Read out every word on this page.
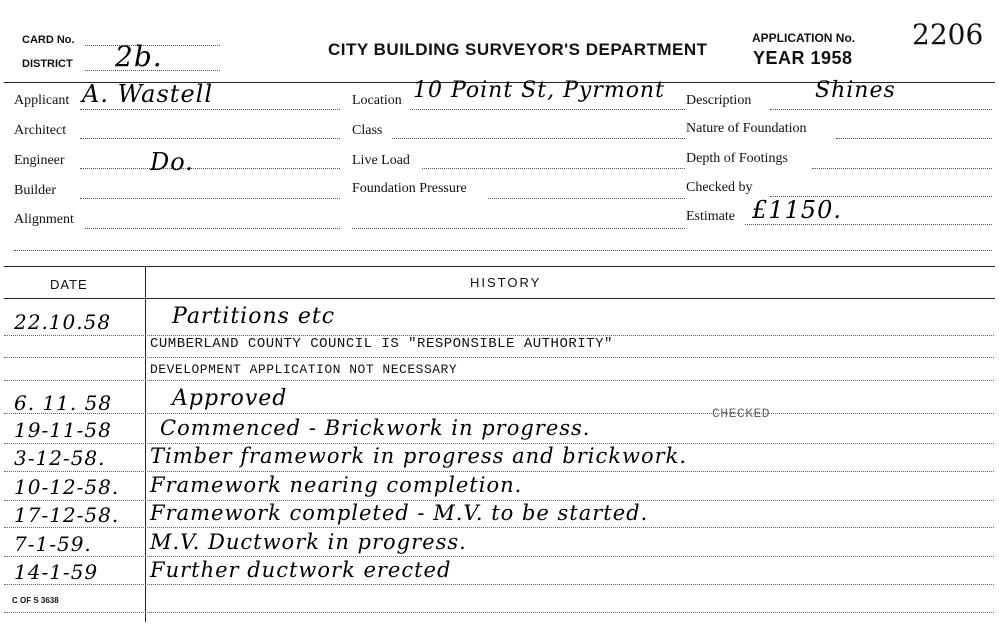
CARD No.
DISTRICT 2b.	CITY BUILDING SURVEYOR'S DEPARTMENT
APPLICATION No. 2206
YEAR 1958
Applicant A. Wastell	Location 10 Point St, Pyrmont Description	Shines
Architect	Class	Nature of Foundation
Engineer	Do.	Live Load	Depth of Footings
Builder	Foundation Pressure	Checked by
Alignment	Estimate £1150.
DATE	HISTORY
22.10.58	Partitions etc
CUMBERLAND COUNTY COUNCIL IS "RESPONSIBLE AUTHORITY"
DEVELOPMENT APPLICATION NOT NECESSARY
6. 11. 58	Approved
CHECKED
19-11-58 Commenced - Brickwork in progress.
3-12-58. Timber framework in progress and brickwork.
10-12-58. Framework nearing completion.
17-12-58. Framework completed - M.V. to be started.
7-1-59.	M.V. Ductwork in progress.
14-1-59 Further ductwork erected
C OF S 3638
